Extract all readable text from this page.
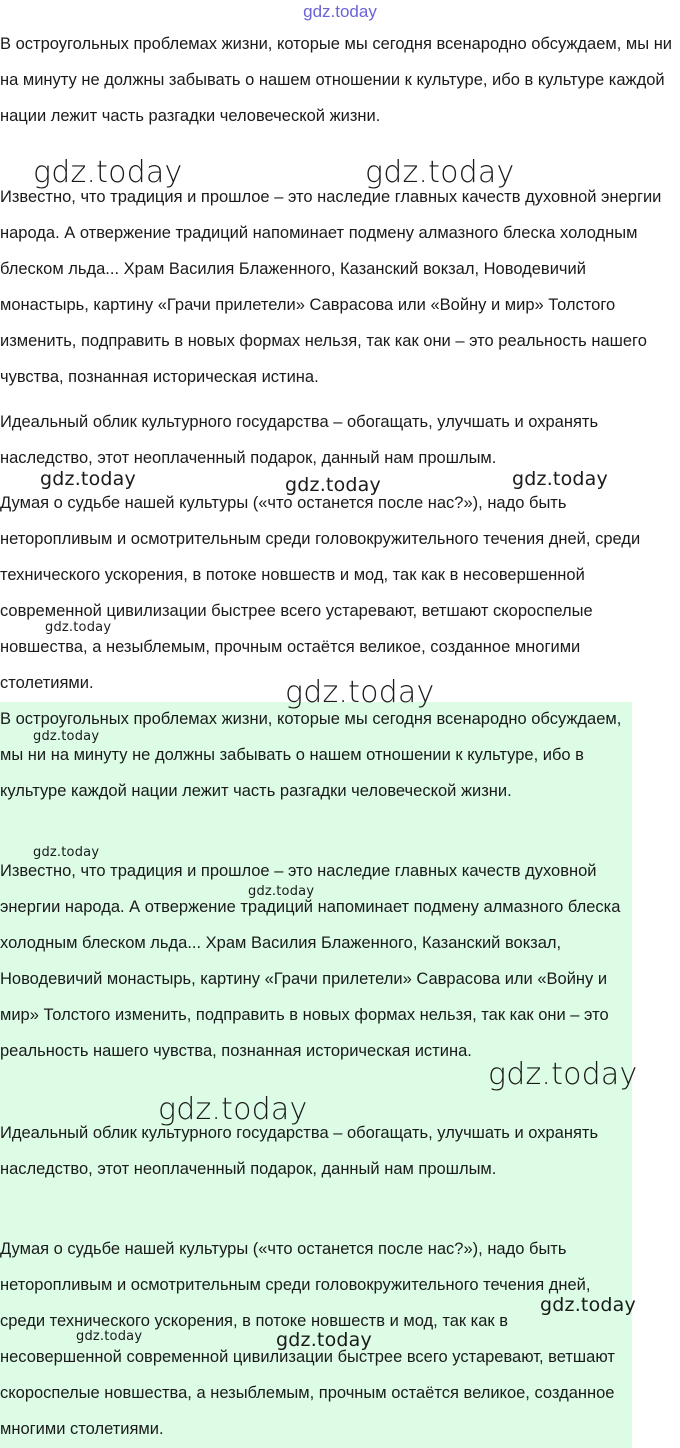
gdz.today

В остроугольных проблемах жизни, которые мы сегодня всенародно обсуждаем, мы ни на минуту не должны забывать о нашем отношении к культуре, ибо в культуре каждой нации лежит часть разгадки человеческой жизни.

Известно, что традиция и прошлое – это наследие главных качеств духовной энергии народа. А отвержение традиций напоминает подмену алмазного блеска холодным блеском льда... Храм Василия Блаженного, Казанский вокзал, Новодевичий монастырь, картину «Грачи прилетели» Саврасова или «Войну и мир» Толстого изменить, подправить в новых формах нельзя, так как они – это реальность нашего чувства, познанная историческая истина.

Идеальный облик культурного государства – обогащать, улучшать и охранять наследство, этот неоплаченный подарок, данный нам прошлым.

Думая о судьбе нашей культуры («что останется после нас?»), надо быть неторопливым и осмотрительным среди головокружительного течения дней, среди технического ускорения, в потоке новшеств и мод, так как в несовершенной современной цивилизации быстрее всего устаревают, ветшают скороспелые новшества, а незыблемым, прочным остаётся великое, созданное многими столетиями.

В остроугольных проблемах жизни, которые мы сегодня всенародно обсуждаем, мы ни на минуту не должны забывать о нашем отношении к культуре, ибо в культуре каждой нации лежит часть разгадки человеческой жизни.

Известно, что традиция и прошлое – это наследие главных качеств духовной энергии народа. А отвержение традиций напоминает подмену алмазного блеска холодным блеском льда... Храм Василия Блаженного, Казанский вокзал, Новодевичий монастырь, картину «Грачи прилетели» Саврасова или «Войну и мир» Толстого изменить, подправить в новых формах нельзя, так как они – это реальность нашего чувства, познанная историческая истина.

Идеальный облик культурного государства – обогащать, улучшать и охранять наследство, этот неоплаченный подарок, данный нам прошлым.

Думая о судьбе нашей культуры («что останется после нас?»), надо быть неторопливым и осмотрительным среди головокружительного течения дней, среди технического ускорения, в потоке новшеств и мод, так как в несовершенной современной цивилизации быстрее всего устаревают, ветшают скороспелые новшества, а незыблемым, прочным остаётся великое, созданное многими столетиями.

gdz.today	gdz.today
gdz.today	gdz.today	gdz.today
gdz.today
gdz.today
gdz.today
gdz.today
gdz.today
gdz.today
gdz.today
gdz.today
gdz.today	gdz.today
